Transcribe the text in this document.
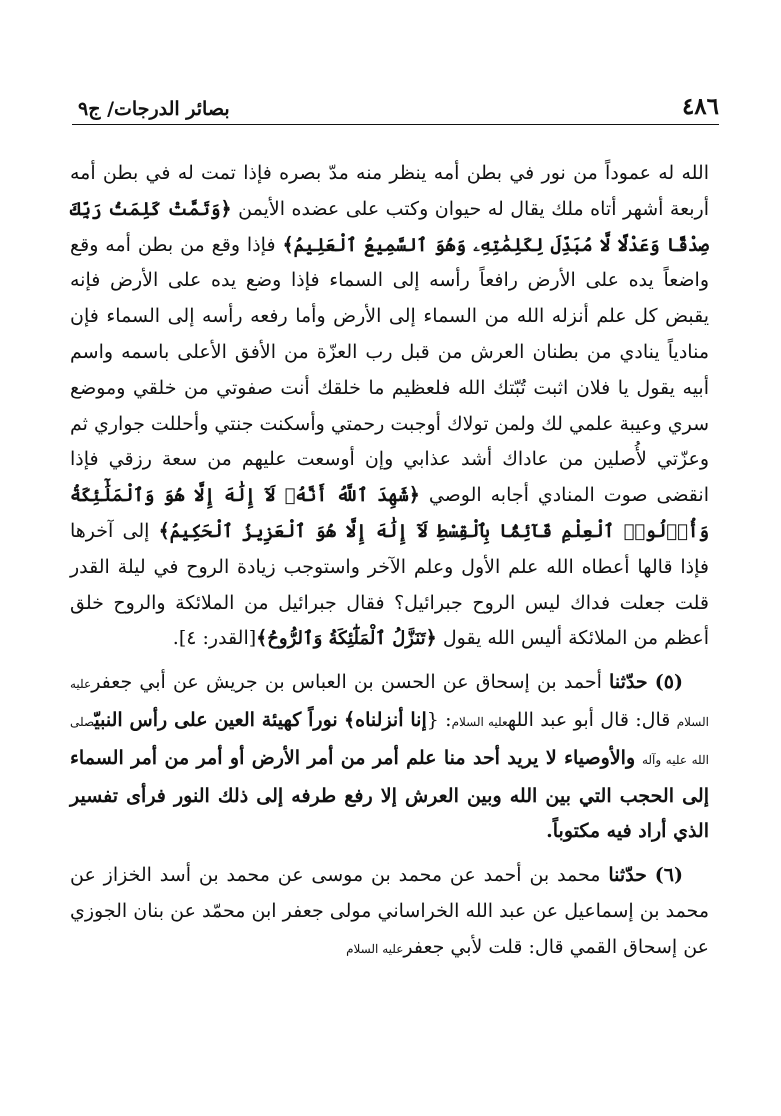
٤٨٦
بصائر الدرجات/ ج٩

الله له عموداً من نور في بطن أمه ينظر منه مدّ بصره فإذا تمت له في بطن أمه أربعة أشهر أتاه ملك يقال له حيوان وكتب على عضده الأيمن ﴿وَتَمَّتْ كَلِمَتُ رَبِّكَ صِدْقًا وَعَدْلًا لَّا مُبَدِّلَ لِكَلِمَٰتِهِۦ وَهُوَ ٱلسَّمِيعُ ٱلْعَلِيمُ﴾ فإذا وقع من بطن أمه وقع واضعاً يده على الأرض رافعاً رأسه إلى السماء فإذا وضع يده على الأرض فإنه يقبض كل علم أنزله الله من السماء إلى الأرض وأما رفعه رأسه إلى السماء فإن منادياً ينادي من بطنان العرش من قبل رب العزّة من الأفق الأعلى باسمه واسم أبيه يقول يا فلان اثبت تُبّتك الله فلعظيم ما خلقك أنت صفوتي من خلقي وموضع سري وعيبة علمي لك ولمن تولاك أوجبت رحمتي وأسكنت جنتي وأحللت جواري ثم وعزّتي لأُصلين من عاداك أشد عذابي وإن أوسعت عليهم من سعة رزقي فإذا انقضى صوت المنادي أجابه الوصي ﴿شَهِدَ ٱللَّهُ أَنَّهُۥ لَآ إِلَٰهَ إِلَّا هُوَ وَٱلْمَلَٰٓئِكَةُ وَأُو۟لُوا۟ ٱلْعِلْمِ قَآئِمًۢا بِٱلْقِسْطِ لَآ إِلَٰهَ إِلَّا هُوَ ٱلْعَزِيزُ ٱلْحَكِيمُ﴾ إلى آخرها فإذا قالها أعطاه الله علم الأول وعلم الآخر واستوجب زيادة الروح في ليلة القدر قلت جعلت فداك ليس الروح جبرائيل؟ فقال جبرائيل من الملائكة والروح خلق أعظم من الملائكة أليس الله يقول ﴿تَنَزَّلُ ٱلْمَلَٰٓئِكَةُ وَٱلرُّوحُ﴾[القدر: ٤].

(٥) حدّثنا أحمد بن إسحاق عن الحسن بن العباس بن جريش عن أبي جعفرعليه السلام قال: قال أبو عبد اللهعليه السلام: {إنا أنزلناه﴾ نوراً كهيئة العين على رأس النبيّصلى الله عليه وآله والأوصياء لا يريد أحد منا علم أمر من أمر الأرض أو أمر من أمر السماء إلى الحجب التي بين الله وبين العرش إلا رفع طرفه إلى ذلك النور فرأى تفسير الذي أراد فيه مكتوباً.

(٦) حدّثنا محمد بن أحمد عن محمد بن موسى عن محمد بن أسد الخزاز عن محمد بن إسماعيل عن عبد الله الخراساني مولى جعفر ابن محمّد عن بنان الجوزي عن إسحاق القمي قال: قلت لأبي جعفرعليه السلام
